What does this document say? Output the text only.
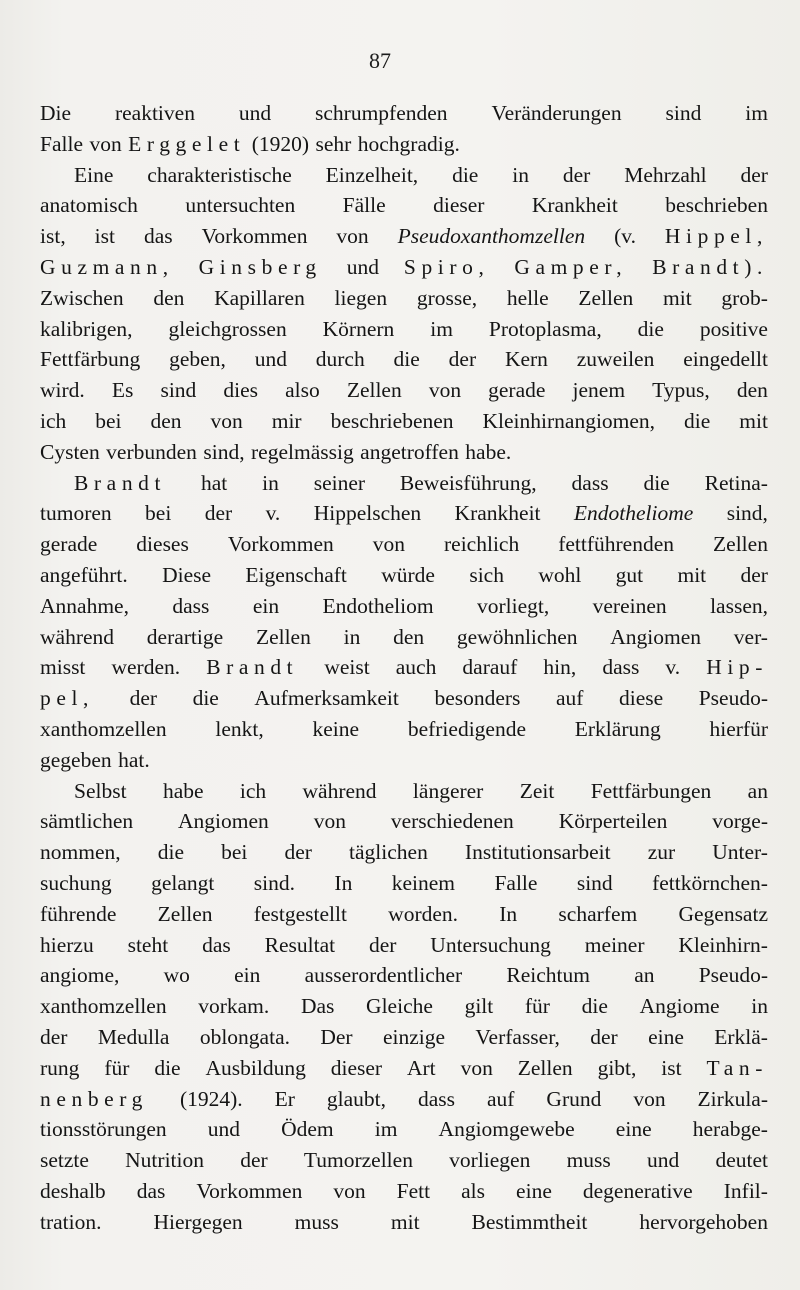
87
Die reaktiven und schrumpfenden Veränderungen sind im
Falle von Erggelet (1920) sehr hochgradig.
Eine charakteristische Einzelheit, die in der Mehrzahl der
anatomisch untersuchten Fälle dieser Krankheit beschrieben
ist, ist das Vorkommen von Pseudoxanthomzellen (v. Hippel,
Guzmann, Ginsberg und Spiro, Gamper, Brandt).
Zwischen den Kapillaren liegen grosse, helle Zellen mit grob-
kalibrigen, gleichgrossen Körnern im Protoplasma, die positive
Fettfärbung geben, und durch die der Kern zuweilen eingedellt
wird. Es sind dies also Zellen von gerade jenem Typus, den
ich bei den von mir beschriebenen Kleinhirnangiomen, die mit
Cysten verbunden sind, regelmässig angetroffen habe.
Brandt hat in seiner Beweisführung, dass die Retina-
tumoren bei der v. Hippelschen Krankheit Endotheliome sind,
gerade dieses Vorkommen von reichlich fettführenden Zellen
angeführt. Diese Eigenschaft würde sich wohl gut mit der
Annahme, dass ein Endotheliom vorliegt, vereinen lassen,
während derartige Zellen in den gewöhnlichen Angiomen ver-
misst werden. Brandt weist auch darauf hin, dass v. Hip-
pel, der die Aufmerksamkeit besonders auf diese Pseudo-
xanthomzellen lenkt, keine befriedigende Erklärung hierfür
gegeben hat.
Selbst habe ich während längerer Zeit Fettfärbungen an
sämtlichen Angiomen von verschiedenen Körperteilen vorge-
nommen, die bei der täglichen Institutionsarbeit zur Unter-
suchung gelangt sind. In keinem Falle sind fettkörnchen-
führende Zellen festgestellt worden. In scharfem Gegensatz
hierzu steht das Resultat der Untersuchung meiner Kleinhirn-
angiome, wo ein ausserordentlicher Reichtum an Pseudo-
xanthomzellen vorkam. Das Gleiche gilt für die Angiome in
der Medulla oblongata. Der einzige Verfasser, der eine Erklä-
rung für die Ausbildung dieser Art von Zellen gibt, ist Tan-
nenberg (1924). Er glaubt, dass auf Grund von Zirkula-
tionsstörungen und Ödem im Angiomgewebe eine herabge-
setzte Nutrition der Tumorzellen vorliegen muss und deutet
deshalb das Vorkommen von Fett als eine degenerative Infil-
tration. Hiergegen muss mit Bestimmtheit hervorgehoben
